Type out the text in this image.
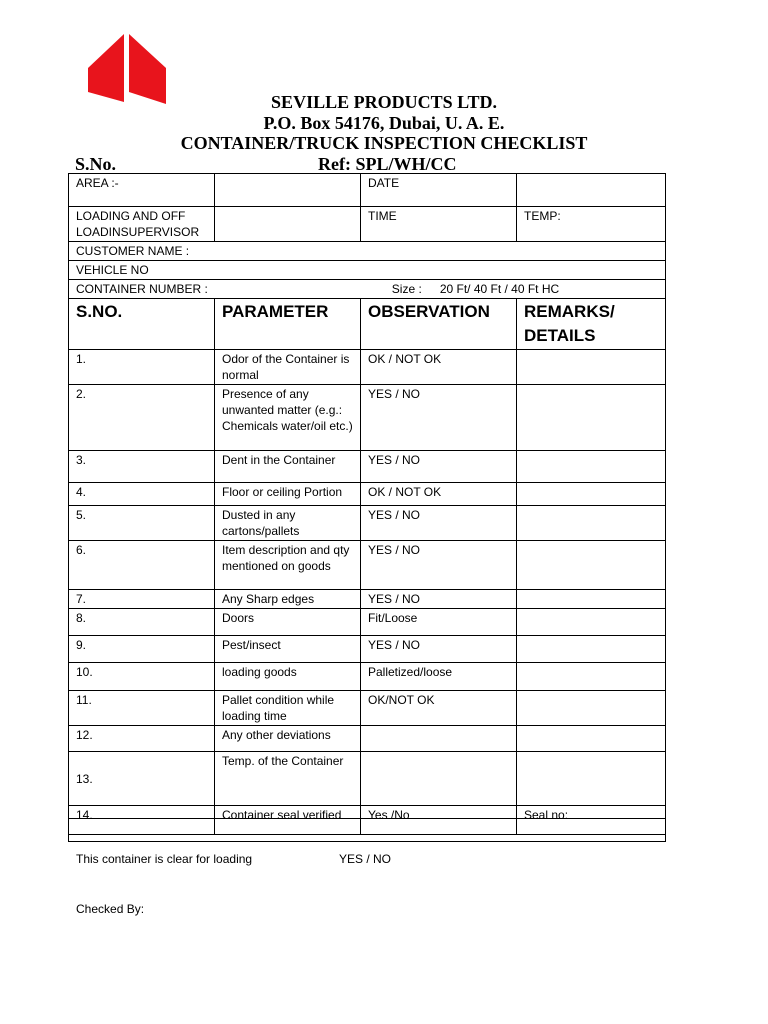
SEVILLE PRODUCTS LTD.
P.O. Box 54176, Dubai, U. A. E.
CONTAINER/TRUCK INSPECTION CHECKLIST
S.No.	Ref: SPL/WH/CC
AREA :-		DATE	
LOADING AND OFF
LOADINSUPERVISOR		TIME	TEMP:
CUSTOMER NAME :			
VEHICLE NO			
CONTAINER NUMBER : Size : 20 Ft/ 40 Ft / 40 Ft HC			
S.NO.	PARAMETER	OBSERVATION	REMARKS/ DETAILS
1.	Odor of the Container is normal	OK / NOT OK	
2.	Presence of any unwanted matter (e.g.: Chemicals water/oil etc.)	YES / NO	
3.	Dent in the Container	YES / NO	
4.	Floor or ceiling Portion	OK / NOT OK	
5.	Dusted in any cartons/pallets	YES / NO	
6.	Item description and qty mentioned on goods	YES / NO	
7.	Any Sharp edges	YES / NO	
8.	Doors	Fit/Loose	
9.	Pest/insect	YES / NO	
10.	loading goods	Palletized/loose	
11.	Pallet condition while loading time	OK/NOT OK	
12.	Any other deviations		
13.	Temp. of the Container		
14.	Container seal verified	Yes /No	Seal no:
This container is clear for loading	YES / NO
Checked By:
